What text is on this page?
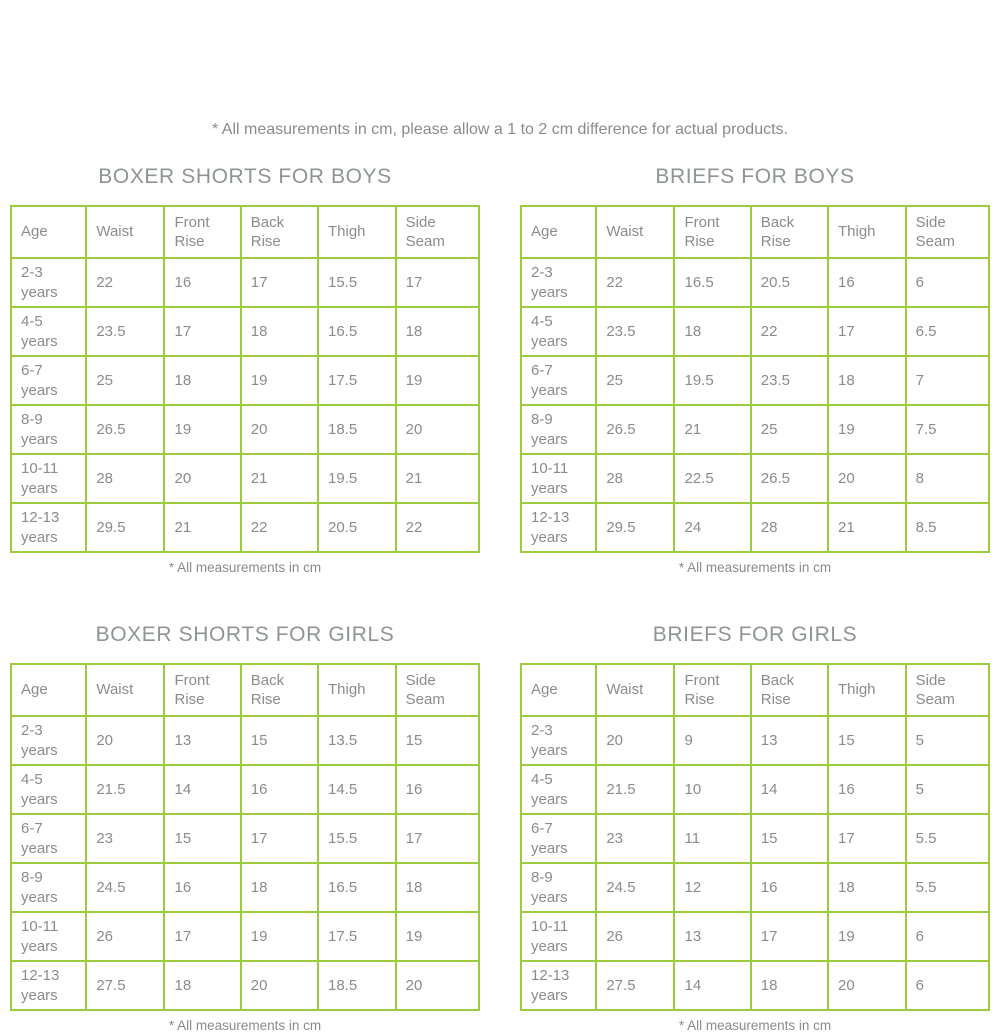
* All measurements in cm, please allow a 1 to 2 cm difference for actual products.

BOXER SHORTS FOR BOYS
Age	Waist	Front Rise	Back Rise	Thigh	Side Seam
2-3 years	22	16	17	15.5	17
4-5 years	23.5	17	18	16.5	18
6-7 years	25	18	19	17.5	19
8-9 years	26.5	19	20	18.5	20
10-11 years	28	20	21	19.5	21
12-13 years	29.5	21	22	20.5	22

* All measurements in cm

BRIEFS FOR BOYS
Age	Waist	Front Rise	Back Rise	Thigh	Side Seam
2-3 years	22	16.5	20.5	16	6
4-5 years	23.5	18	22	17	6.5
6-7 years	25	19.5	23.5	18	7
8-9 years	26.5	21	25	19	7.5
10-11 years	28	22.5	26.5	20	8
12-13 years	29.5	24	28	21	8.5

* All measurements in cm

BOXER SHORTS FOR GIRLS
Age	Waist	Front Rise	Back Rise	Thigh	Side Seam
2-3 years	20	13	15	13.5	15
4-5 years	21.5	14	16	14.5	16
6-7 years	23	15	17	15.5	17
8-9 years	24.5	16	18	16.5	18
10-11 years	26	17	19	17.5	19
12-13 years	27.5	18	20	18.5	20

* All measurements in cm

BRIEFS FOR GIRLS
Age	Waist	Front Rise	Back Rise	Thigh	Side Seam
2-3 years	20	9	13	15	5
4-5 years	21.5	10	14	16	5
6-7 years	23	11	15	17	5.5
8-9 years	24.5	12	16	18	5.5
10-11 years	26	13	17	19	6
12-13 years	27.5	14	18	20	6

* All measurements in cm
